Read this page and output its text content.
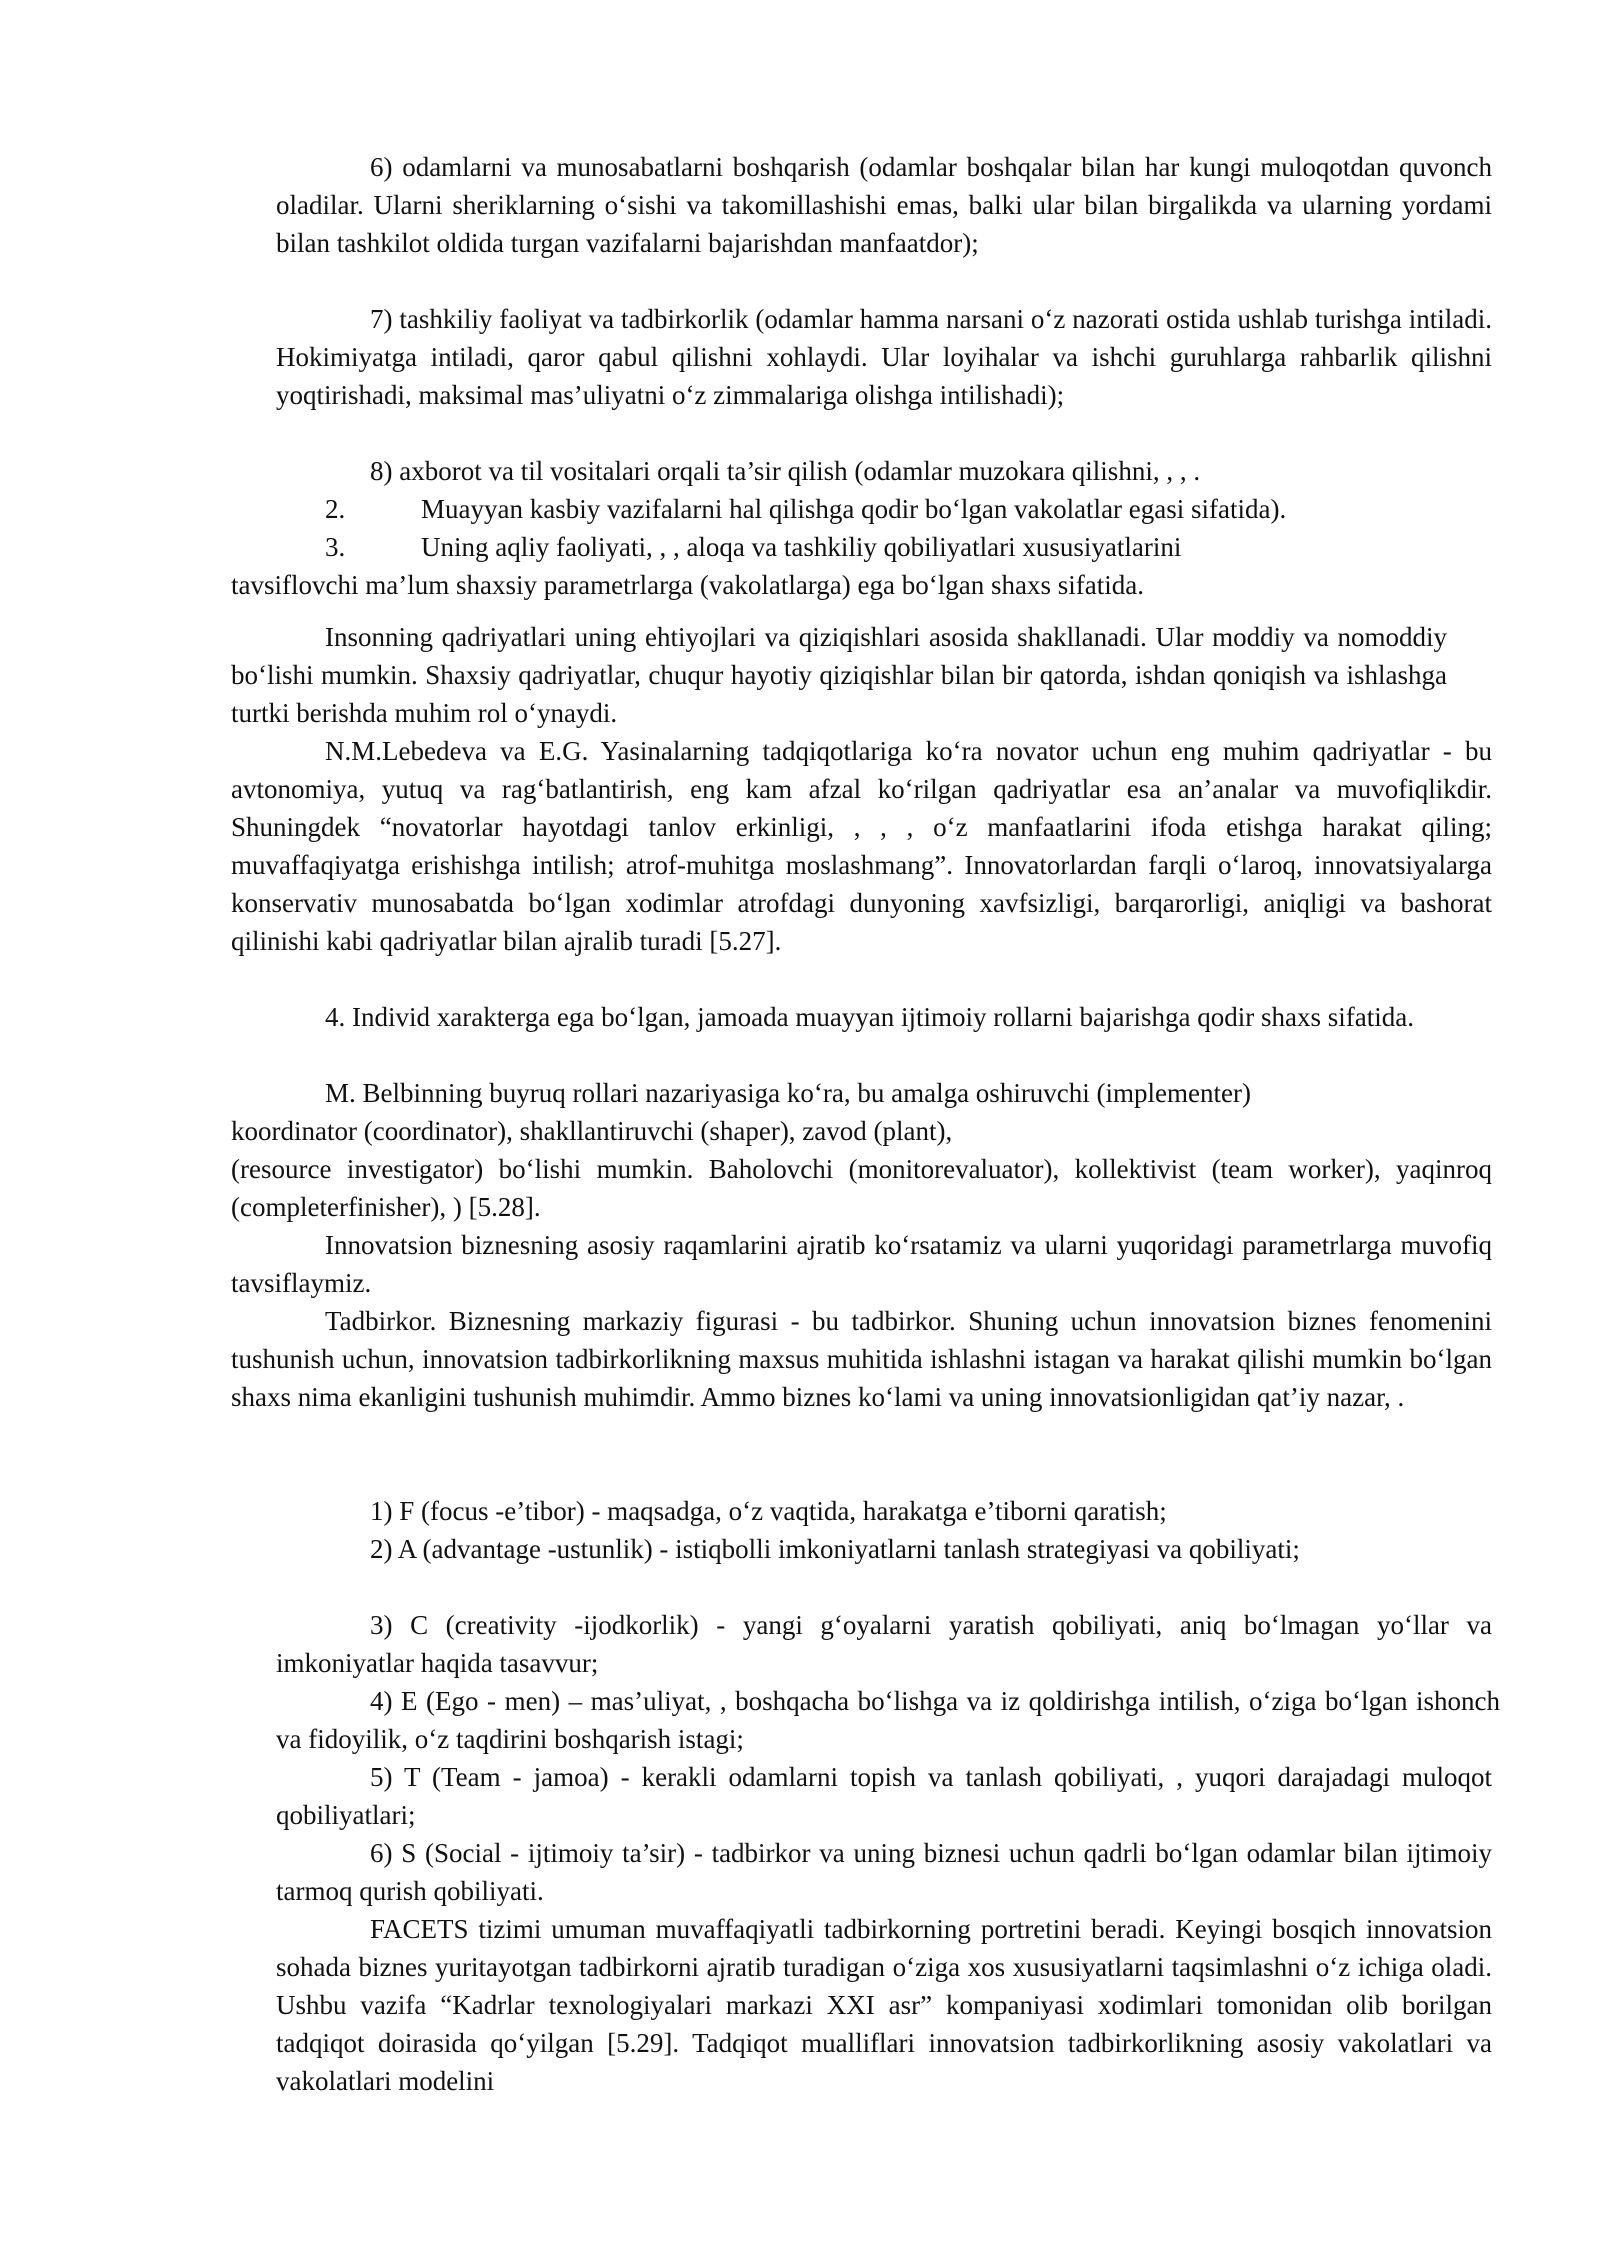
6) odamlarni va munosabatlarni boshqarish (odamlar boshqalar bilan har kungi muloqotdan quvonch oladilar. Ularni sheriklarning o‘sishi va takomillashishi emas, balki ular bilan birgalikda va ularning yordami bilan tashkilot oldida turgan vazifalarni bajarishdan manfaatdor);

7) tashkiliy faoliyat va tadbirkorlik (odamlar hamma narsani o‘z nazorati ostida ushlab turishga intiladi. Hokimiyatga intiladi, qaror qabul qilishni xohlaydi. Ular loyihalar va ishchi guruhlarga rahbarlik qilishni yoqtirishadi, maksimal mas’uliyatni o‘z zimmalariga olishga intilishadi);

8) axborot va til vositalari orqali ta’sir qilish (odamlar muzokara qilishni, , , .

2.	Muayyan kasbiy vazifalarni hal qilishga qodir bo‘lgan vakolatlar egasi sifatida).

3.	Uning aqliy faoliyati, , , aloqa va tashkiliy qobiliyatlari xususiyatlarini

tavsiflovchi ma’lum shaxsiy parametrlarga (vakolatlarga) ega bo‘lgan shaxs sifatida.

Insonning qadriyatlari uning ehtiyojlari va qiziqishlari asosida shakllanadi. Ular moddiy va nomoddiy bo‘lishi mumkin. Shaxsiy qadriyatlar, chuqur hayotiy qiziqishlar bilan bir qatorda, ishdan qoniqish va ishlashga turtki berishda muhim rol o‘ynaydi.

N.M.Lebedeva va E.G. Yasinalarning tadqiqotlariga ko‘ra novator uchun eng muhim qadriyatlar - bu avtonomiya, yutuq va rag‘batlantirish, eng kam afzal ko‘rilgan qadriyatlar esa an’analar va muvofiqlikdir. Shuningdek “novatorlar hayotdagi tanlov erkinligi, , , , o‘z manfaatlarini ifoda etishga harakat qiling; muvaffaqiyatga erishishga intilish; atrof-muhitga moslashmang”. Innovatorlardan farqli o‘laroq, innovatsiyalarga konservativ munosabatda bo‘lgan xodimlar atrofdagi dunyoning xavfsizligi, barqarorligi, aniqligi va bashorat qilinishi kabi qadriyatlar bilan ajralib turadi [5.27].

4. Individ xarakterga ega bo‘lgan, jamoada muayyan ijtimoiy rollarni bajarishga qodir shaxs sifatida.

M. Belbinning buyruq rollari nazariyasiga ko‘ra, bu amalga oshiruvchi (implementer)

koordinator (coordinator), shakllantiruvchi (shaper), zavod (plant),

(resource investigator) bo‘lishi mumkin. Baholovchi (monitorevaluator), kollektivist (team worker), yaqinroq (completerfinisher), ) [5.28].

Innovatsion biznesning asosiy raqamlarini ajratib ko‘rsatamiz va ularni yuqoridagi parametrlarga muvofiq tavsiflaymiz.

Tadbirkor. Biznesning markaziy figurasi - bu tadbirkor. Shuning uchun innovatsion biznes fenomenini tushunish uchun, innovatsion tadbirkorlikning maxsus muhitida ishlashni istagan va harakat qilishi mumkin bo‘lgan shaxs nima ekanligini tushunish muhimdir. Ammo biznes ko‘lami va uning innovatsionligidan qat’iy nazar, .

1) F (focus -e’tibor) - maqsadga, o‘z vaqtida, harakatga e’tiborni qaratish;

2) A (advantage -ustunlik) - istiqbolli imkoniyatlarni tanlash strategiyasi va qobiliyati;

3) C (creativity -ijodkorlik) - yangi g‘oyalarni yaratish qobiliyati, aniq bo‘lmagan yo‘llar va imkoniyatlar haqida tasavvur;

4) E (Ego - men) – mas’uliyat, , boshqacha bo‘lishga va iz qoldirishga intilish, o‘ziga bo‘lgan ishonch va fidoyilik, o‘z taqdirini boshqarish istagi;

5) T (Team - jamoa) - kerakli odamlarni topish va tanlash qobiliyati, , yuqori darajadagi muloqot qobiliyatlari;

6) S (Social - ijtimoiy ta’sir) - tadbirkor va uning biznesi uchun qadrli bo‘lgan odamlar bilan ijtimoiy tarmoq qurish qobiliyati.

FACETS tizimi umuman muvaffaqiyatli tadbirkorning portretini beradi. Keyingi bosqich innovatsion sohada biznes yuritayotgan tadbirkorni ajratib turadigan o‘ziga xos xususiyatlarni taqsimlashni o‘z ichiga oladi. Ushbu vazifa “Kadrlar texnologiyalari markazi XXI asr” kompaniyasi xodimlari tomonidan olib borilgan tadqiqot doirasida qo‘yilgan [5.29]. Tadqiqot mualliflari innovatsion tadbirkorlikning asosiy vakolatlari va vakolatlari modelini
